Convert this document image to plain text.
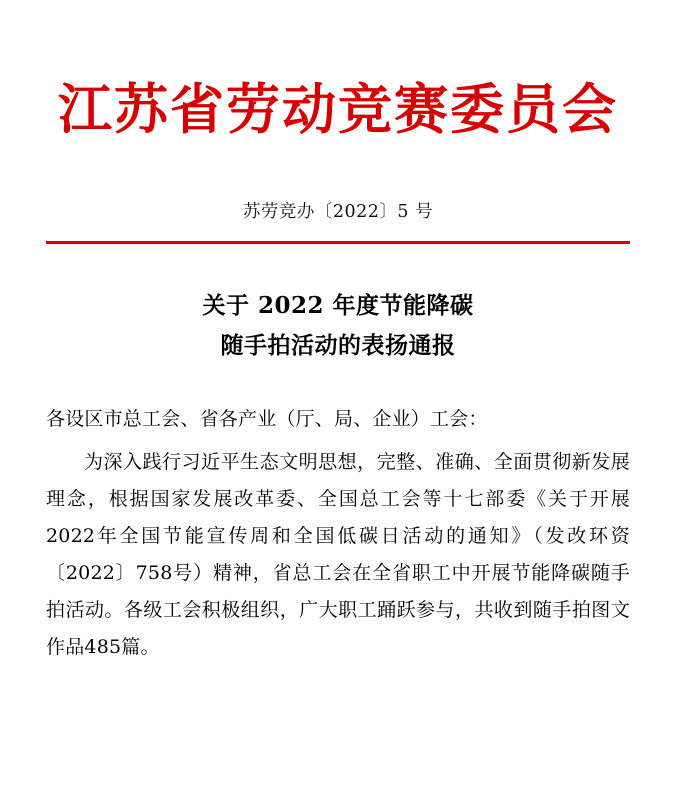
江苏省劳动竞赛委员会
苏劳竞办〔2022〕5 号
关于 2022 年度节能降碳
随手拍活动的表扬通报
各设区市总工会、省各产业（厅、局、企业）工会：
为深入践行习近平生态文明思想，完整、准确、全面贯彻新发展理念，根据国家发展改革委、全国总工会等十七部委《关于开展2022年全国节能宣传周和全国低碳日活动的通知》（发改环资〔2022〕758号）精神，省总工会在全省职工中开展节能降碳随手拍活动。各级工会积极组织，广大职工踊跃参与，共收到随手拍图文作品485篇。
